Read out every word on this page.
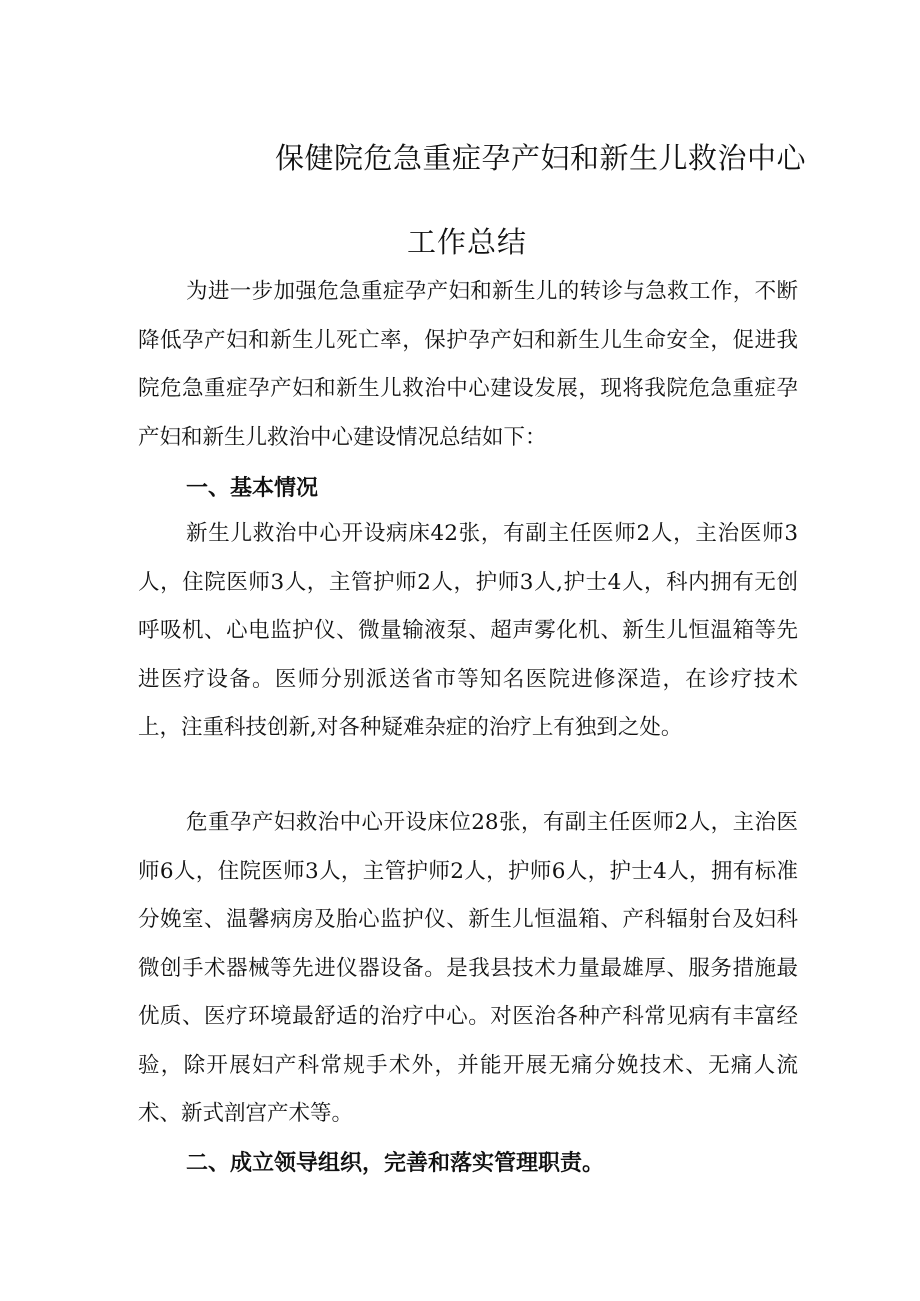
保健院危急重症孕产妇和新生儿救治中心
工作总结

为进一步加强危急重症孕产妇和新生儿的转诊与急救工作，不断降低孕产妇和新生儿死亡率，保护孕产妇和新生儿生命安全，促进我院危急重症孕产妇和新生儿救治中心建设发展，现将我院危急重症孕产妇和新生儿救治中心建设情况总结如下：

一、基本情况

新生儿救治中心开设病床42张，有副主任医师2人，主治医师3人，住院医师3人，主管护师2人，护师3人,护士4人，科内拥有无创呼吸机、心电监护仪、微量输液泵、超声雾化机、新生儿恒温箱等先进医疗设备。医师分别派送省市等知名医院进修深造，在诊疗技术上，注重科技创新,对各种疑难杂症的治疗上有独到之处。

危重孕产妇救治中心开设床位28张，有副主任医师2人，主治医师6人，住院医师3人，主管护师2人，护师6人，护士4人，拥有标准分娩室、温馨病房及胎心监护仪、新生儿恒温箱、产科辐射台及妇科微创手术器械等先进仪器设备。是我县技术力量最雄厚、服务措施最优质、医疗环境最舒适的治疗中心。对医治各种产科常见病有丰富经验，除开展妇产科常规手术外，并能开展无痛分娩技术、无痛人流术、新式剖宫产术等。

二、成立领导组织，完善和落实管理职责。
